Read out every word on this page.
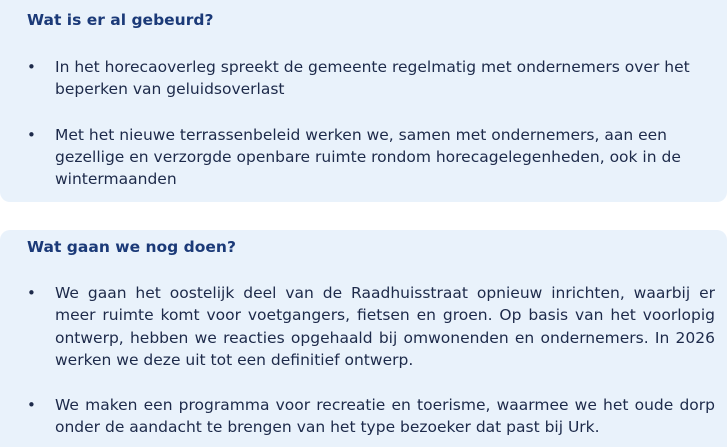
Wat is er al gebeurd?
• In het horecaoverleg spreekt de gemeente regelmatig met ondernemers over het beperken van geluidsoverlast
• Met het nieuwe terrassenbeleid werken we, samen met ondernemers, aan een gezellige en verzorgde openbare ruimte rondom horecagelegenheden, ook in de wintermaanden
Wat gaan we nog doen?
• We gaan het oostelijk deel van de Raadhuisstraat opnieuw inrichten, waarbij er meer ruimte komt voor voetgangers, fietsen en groen. Op basis van het voorlopig ontwerp, hebben we reacties opgehaald bij omwonenden en ondernemers. In 2026 werken we deze uit tot een definitief ontwerp.
• We maken een programma voor recreatie en toerisme, waarmee we het oude dorp onder de aandacht te brengen van het type bezoeker dat past bij Urk.
